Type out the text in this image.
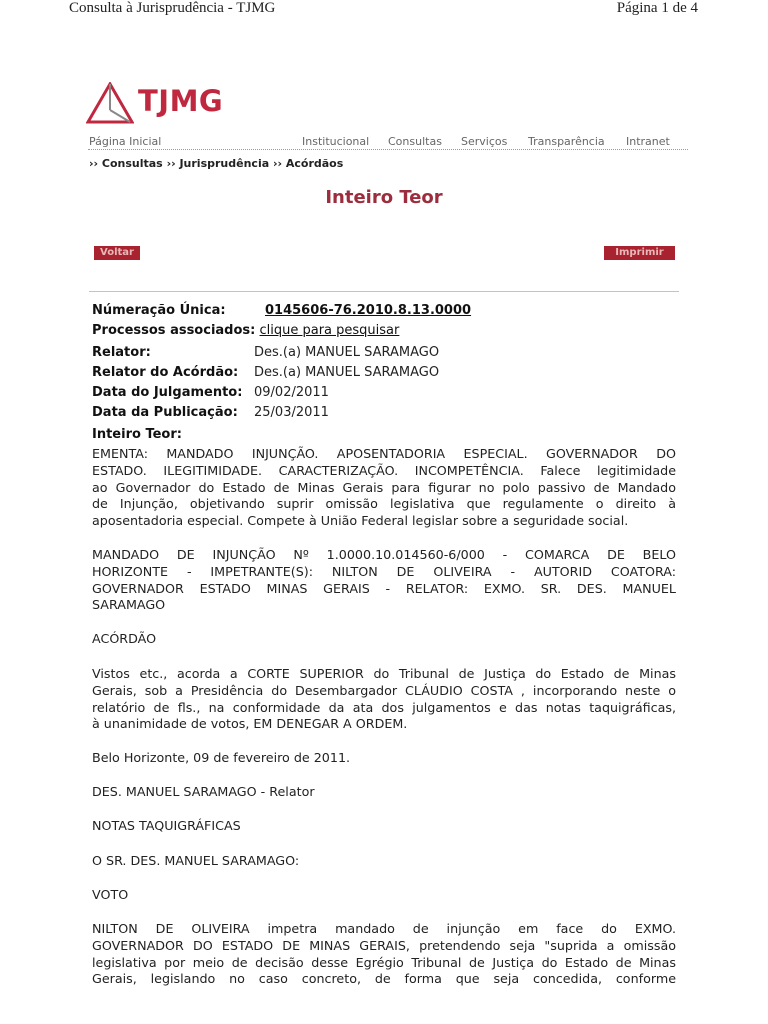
Consulta à Jurisprudência - TJMG	Página 1 de 4
TJMG
Página Inicial	Institucional Consultas Serviços Transparência Intranet
›› Consultas ›› Jurisprudência ›› Acórdãos
Inteiro Teor
Voltar	Imprimir
Númeração Única:	0145606-76.2010.8.13.0000
Processos associados: clique para pesquisar
Relator:	Des.(a) MANUEL SARAMAGO
Relator do Acórdão: Des.(a) MANUEL SARAMAGO
Data do Julgamento: 09/02/2011
Data da Publicação: 25/03/2011
Inteiro Teor:
EMENTA: MANDADO INJUNÇÃO. APOSENTADORIA ESPECIAL. GOVERNADOR DO
ESTADO. ILEGITIMIDADE. CARACTERIZAÇÃO. INCOMPETÊNCIA. Falece legitimidade
ao Governador do Estado de Minas Gerais para figurar no polo passivo de Mandado
de Injunção, objetivando suprir omissão legislativa que regulamente o direito à
aposentadoria especial. Compete à União Federal legislar sobre a seguridade social.
MANDADO DE INJUNÇÃO Nº 1.0000.10.014560-6/000 - COMARCA DE BELO
HORIZONTE - IMPETRANTE(S): NILTON DE OLIVEIRA - AUTORID COATORA:
GOVERNADOR ESTADO MINAS GERAIS - RELATOR: EXMO. SR. DES. MANUEL
SARAMAGO
ACÓRDÃO
Vistos etc., acorda a CORTE SUPERIOR do Tribunal de Justiça do Estado de Minas
Gerais, sob a Presidência do Desembargador CLÁUDIO COSTA , incorporando neste o
relatório de fls., na conformidade da ata dos julgamentos e das notas taquigráficas,
à unanimidade de votos, EM DENEGAR A ORDEM.
Belo Horizonte, 09 de fevereiro de 2011.
DES. MANUEL SARAMAGO - Relator
NOTAS TAQUIGRÁFICAS
O SR. DES. MANUEL SARAMAGO:
VOTO
NILTON DE OLIVEIRA impetra mandado de injunção em face do EXMO.
GOVERNADOR DO ESTADO DE MINAS GERAIS, pretendendo seja "suprida a omissão
legislativa por meio de decisão desse Egrégio Tribunal de Justiça do Estado de Minas
Gerais, legislando no caso concreto, de forma que seja concedida, conforme
